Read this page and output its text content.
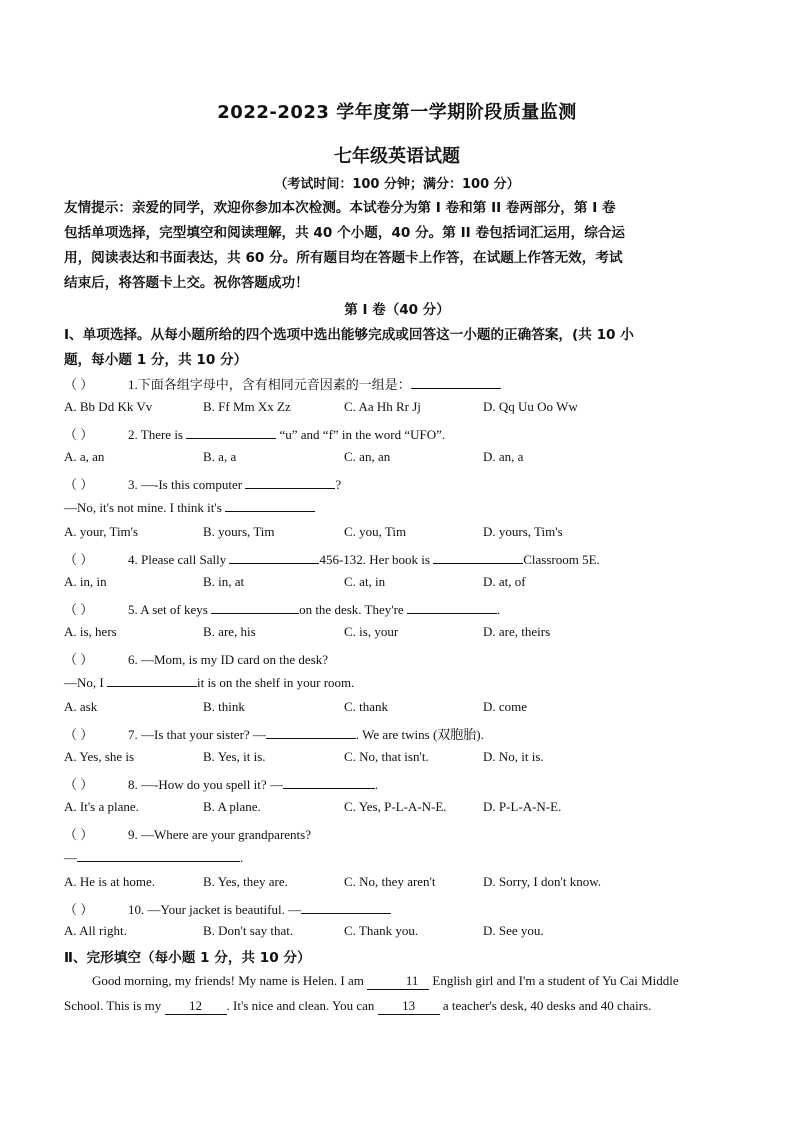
2022-2023 学年度第一学期阶段质量监测
七年级英语试题
（考试时间：100 分钟；满分：100 分）
友情提示：亲爱的同学，欢迎你参加本次检测。本试卷分为第 I 卷和第 II 卷两部分，第 I 卷
包括单项选择，完型填空和阅读理解，共 40 个小题，40 分。第 II 卷包括词汇运用，综合运
用，阅读表达和书面表达，共 60 分。所有题目均在答题卡上作答，在试题上作答无效，考试
结束后，将答题卡上交。祝你答题成功！
第 I 卷（40 分）
I、单项选择。从每小题所给的四个选项中选出能够完成或回答这一小题的正确答案，(共 10 小
题，每小题 1 分，共 10 分）
（ ）	1.下面各组字母中，含有相同元音因素的一组是：
A. Bb Dd Kk Vv	B. Ff Mm Xx Zz	C. Aa Hh Rr Jj	D. Qq Uu Oo Ww
（ ）	2. There is	“u” and “f” in the word “UFO”.
A. a, an	B. a, a	C. an, an	D. an, a
（ ）	3. —-Is this computer	?
—No, it's not mine. I think it's
A. your, Tim's	B. yours, Tim	C. you, Tim	D. yours, Tim's
（ ）	4. Please call Sally	456-132. Her book is	Classroom 5E.
A. in, in	B. in, at	C. at, in	D. at, of
（ ）	5. A set of keys	on the desk. They're	.
A. is, hers	B. are, his	C. is, your	D. are, theirs
（ ）	6. —Mom, is my ID card on the desk?
—No, I	it is on the shelf in your room.
A. ask	B. think	C. thank	D. come
（ ）	7. —Is that your sister? —	. We are twins (双胞胎).
A. Yes, she is	B. Yes, it is.	C. No, that isn't.	D. No, it is.
（ ）	8. —-How do you spell it? —	.
A. It's a plane.	B. A plane.	C. Yes, P-L-A-N-E.	D. P-L-A-N-E.
（ ）	9. —Where are your grandparents?
—	.
A. He is at home.	B. Yes, they are.	C. No, they aren't	D. Sorry, I don't know.
（ ）	10. —Your jacket is beautiful. —
A. All right.	B. Don't say that.	C. Thank you.	D. See you.
Ⅱ、完形填空（每小题 1 分，共 10 分）
Good morning, my friends! My name is Helen. I am	11 English girl and I'm a student of Yu Cai Middle
School. This is my 12 . It's nice and clean. You can 13 a teacher's desk, 40 desks and 40 chairs.
